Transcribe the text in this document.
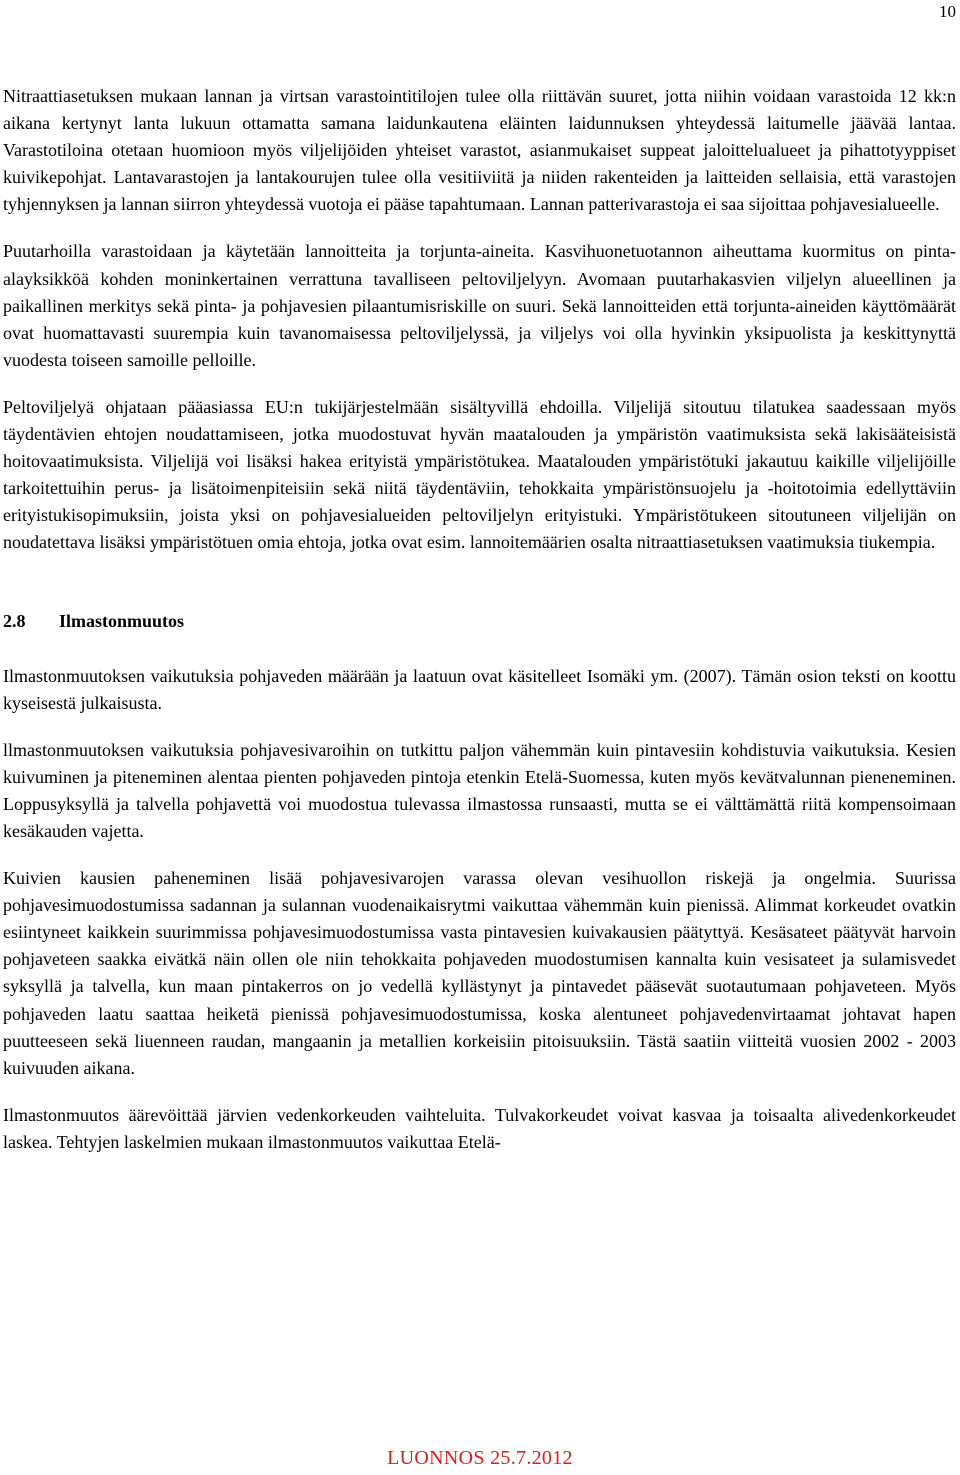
10

Nitraattiasetuksen mukaan lannan ja virtsan varastointitilojen tulee olla riittävän suuret, jotta niihin voidaan varastoida 12 kk:n aikana kertynyt lanta lukuun ottamatta samana laidunkautena eläinten laidunnuksen yhteydessä laitumelle jäävää lantaa. Varastotiloina otetaan huomioon myös viljelijöiden yhteiset varastot, asianmukaiset suppeat jaloittelualueet ja pihattotyyppiset kuivikepohjat. Lantavarastojen ja lantakourujen tulee olla vesitiiviitä ja niiden rakenteiden ja laitteiden sellaisia, että varastojen tyhjennyksen ja lannan siirron yhteydessä vuotoja ei pääse tapahtumaan. Lannan patterivarastoja ei saa sijoittaa pohjavesialueelle.

Puutarhoilla varastoidaan ja käytetään lannoitteita ja torjunta-aineita. Kasvihuonetuotannon aiheuttama kuormitus on pinta-alayksikköä kohden moninkertainen verrattuna tavalliseen peltoviljelyyn. Avomaan puutarhakasvien viljelyn alueellinen ja paikallinen merkitys sekä pinta- ja pohjavesien pilaantumisriskille on suuri. Sekä lannoitteiden että torjunta-aineiden käyttömäärät ovat huomattavasti suurempia kuin tavanomaisessa peltoviljelyssä, ja viljelys voi olla hyvinkin yksipuolista ja keskittynyttä vuodesta toiseen samoille pelloille.

Peltoviljelyä ohjataan pääasiassa EU:n tukijärjestelmään sisältyvillä ehdoilla. Viljelijä sitoutuu tilatukea saadessaan myös täydentävien ehtojen noudattamiseen, jotka muodostuvat hyvän maatalouden ja ympäristön vaatimuksista sekä lakisääteisistä hoitovaatimuksista. Viljelijä voi lisäksi hakea erityistä ympäristötukea. Maatalouden ympäristötuki jakautuu kaikille viljelijöille tarkoitettuihin perus- ja lisätoimenpiteisiin sekä niitä täydentäviin, tehokkaita ympäristönsuojelu ja -hoitotoimia edellyttäviin erityistukisopimuksiin, joista yksi on pohjavesialueiden peltoviljelyn erityistuki. Ympäristötukeen sitoutuneen viljelijän on noudatettava lisäksi ympäristötuen omia ehtoja, jotka ovat esim. lannoitemäärien osalta nitraattiasetuksen vaatimuksia tiukempia.

2.8	Ilmastonmuutos

Ilmastonmuutoksen vaikutuksia pohjaveden määrään ja laatuun ovat käsitelleet Isomäki ym. (2007). Tämän osion teksti on koottu kyseisestä julkaisusta.

llmastonmuutoksen vaikutuksia pohjavesivaroihin on tutkittu paljon vähemmän kuin pintavesiin kohdistuvia vaikutuksia. Kesien kuivuminen ja piteneminen alentaa pienten pohjaveden pintoja etenkin Etelä-Suomessa, kuten myös kevätvalunnan pieneneminen. Loppusyksyllä ja talvella pohjavettä voi muodostua tulevassa ilmastossa runsaasti, mutta se ei välttämättä riitä kompensoimaan kesäkauden vajetta.

Kuivien kausien paheneminen lisää pohjavesivarojen varassa olevan vesihuollon riskejä ja ongelmia. Suurissa pohjavesimuodostumissa sadannan ja sulannan vuodenaikaisrytmi vaikuttaa vähemmän kuin pienissä. Alimmat korkeudet ovatkin esiintyneet kaikkein suurimmissa pohjavesimuodostumissa vasta pintavesien kuivakausien päätyttyä. Kesäsateet päätyvät harvoin pohjaveteen saakka eivätkä näin ollen ole niin tehokkaita pohjaveden muodostumisen kannalta kuin vesisateet ja sulamisvedet syksyllä ja talvella, kun maan pintakerros on jo vedellä kyllästynyt ja pintavedet pääsevät suotautumaan pohjaveteen. Myös pohjaveden laatu saattaa heiketä pienissä pohjavesimuodostumissa, koska alentuneet pohjavedenvirtaamat johtavat hapen puutteeseen sekä liuenneen raudan, mangaanin ja metallien korkeisiin pitoisuuksiin. Tästä saatiin viitteitä vuosien 2002 - 2003 kuivuuden aikana.

Ilmastonmuutos äärevöittää järvien vedenkorkeuden vaihteluita. Tulvakorkeudet voivat kasvaa ja toisaalta alivedenkorkeudet laskea. Tehtyjen laskelmien mukaan ilmastonmuutos vaikuttaa Etelä-

LUONNOS 25.7.2012
